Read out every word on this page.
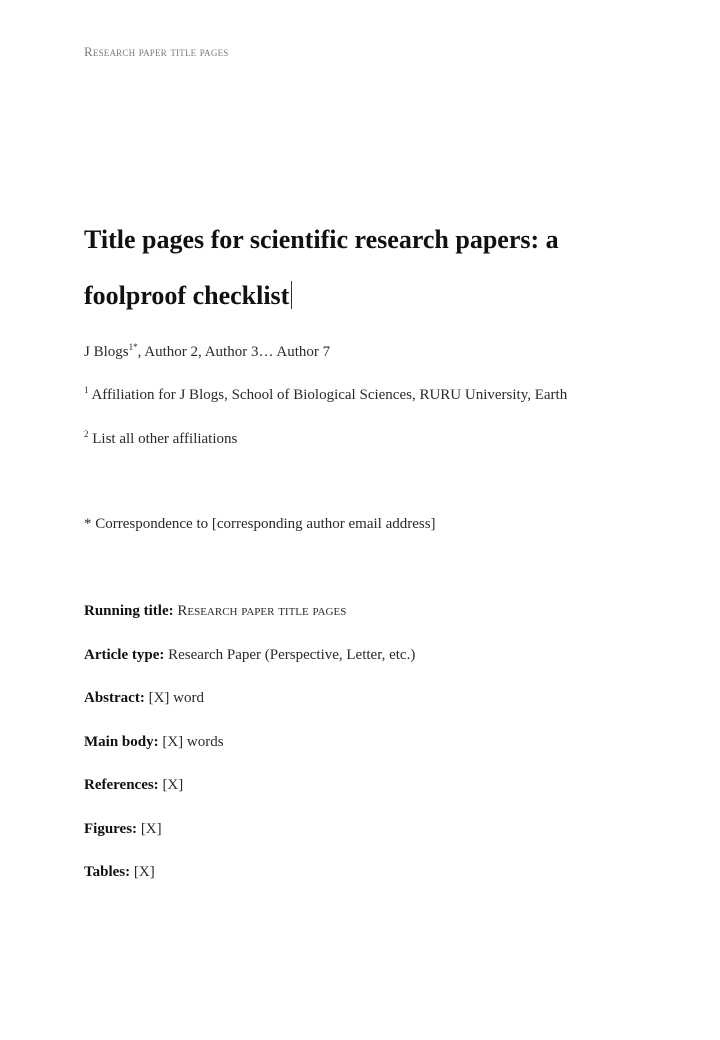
Research paper title pages
Title pages for scientific research papers: a foolproof checklist
J Blogs$^{1*}$, Author 2, Author 3… Author 7
$^1$ Affiliation for J Blogs, School of Biological Sciences, RURU University, Earth
$^2$ List all other affiliations
* Correspondence to [corresponding author email address]
Running title: Research paper title pages
Article type: Research Paper (Perspective, Letter, etc.)
Abstract: [X] word
Main body: [X] words
References: [X]
Figures: [X]
Tables: [X]
